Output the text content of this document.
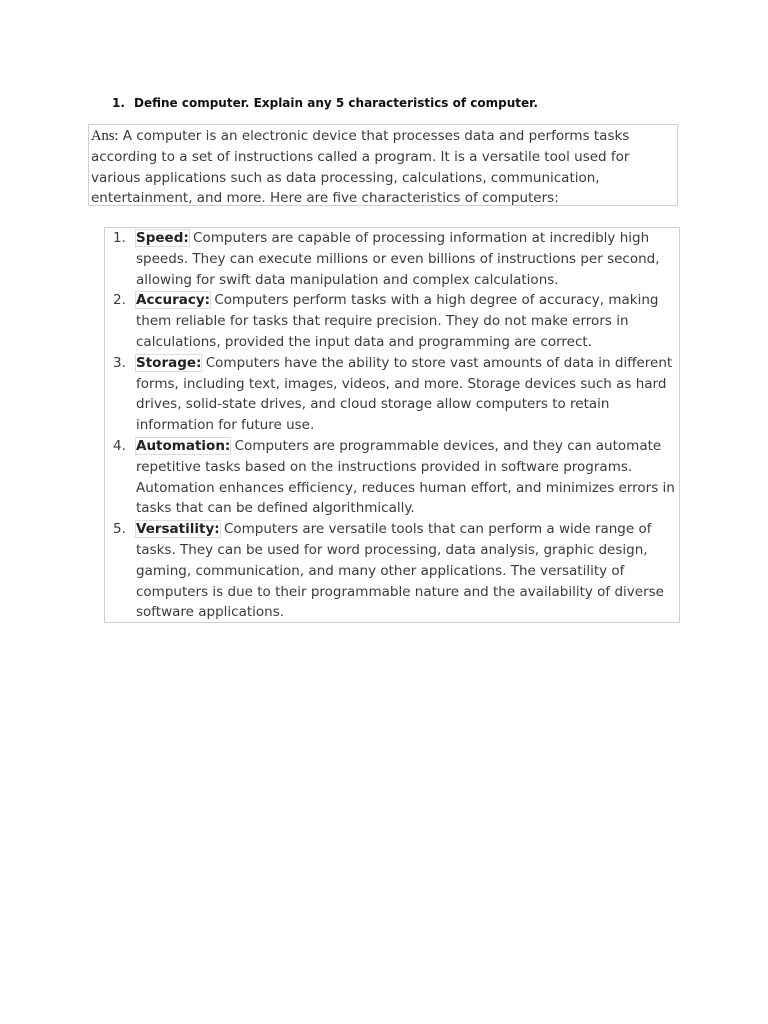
1. Define computer. Explain any 5 characteristics of computer.
Ans: A computer is an electronic device that processes data and performs tasks according to a set of instructions called a program. It is a versatile tool used for various applications such as data processing, calculations, communication, entertainment, and more. Here are five characteristics of computers:
1. Speed: Computers are capable of processing information at incredibly high speeds. They can execute millions or even billions of instructions per second, allowing for swift data manipulation and complex calculations.
2. Accuracy: Computers perform tasks with a high degree of accuracy, making them reliable for tasks that require precision. They do not make errors in calculations, provided the input data and programming are correct.
3. Storage: Computers have the ability to store vast amounts of data in different forms, including text, images, videos, and more. Storage devices such as hard drives, solid-state drives, and cloud storage allow computers to retain information for future use.
4. Automation: Computers are programmable devices, and they can automate repetitive tasks based on the instructions provided in software programs. Automation enhances efficiency, reduces human effort, and minimizes errors in tasks that can be defined algorithmically.
5. Versatility: Computers are versatile tools that can perform a wide range of tasks. They can be used for word processing, data analysis, graphic design, gaming, communication, and many other applications. The versatility of computers is due to their programmable nature and the availability of diverse software applications.
